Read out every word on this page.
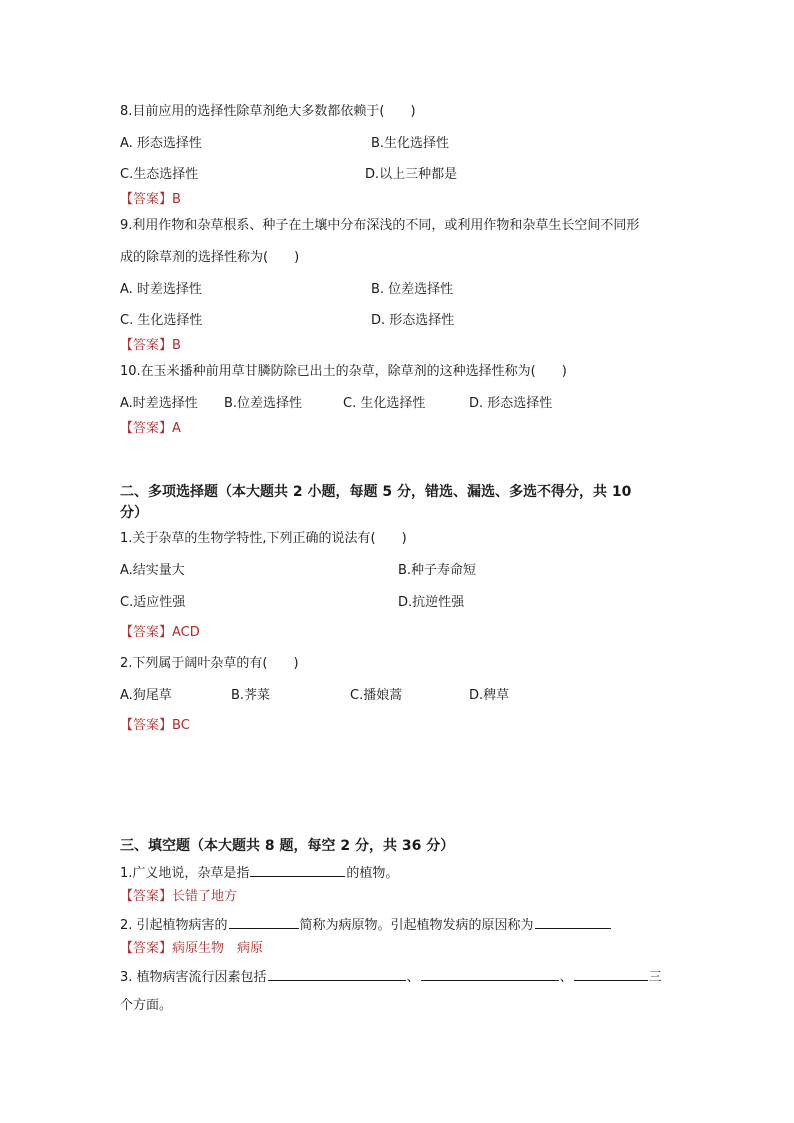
8.目前应用的选择性除草剂绝大多数都依赖于(　　)
A. 形态选择性	B.生化选择性
C.生态选择性	D.以上三种都是
【答案】B
9.利用作物和杂草根系、种子在土壤中分布深浅的不同，或利用作物和杂草生长空间不同形
成的除草剂的选择性称为(　　)
A. 时差选择性	B. 位差选择性
C. 生化选择性	D. 形态选择性
【答案】B
10.在玉米播种前用草甘膦防除已出土的杂草，除草剂的这种选择性称为(　　)
A.时差选择性 B.位差选择性	C. 生化选择性	D. 形态选择性
【答案】A
二、多项选择题（本大题共 2 小题，每题 5 分，错选、漏选、多选不得分，共 10
分）
1.关于杂草的生物学特性,下列正确的说法有(　　)
A.结实量大	B.种子寿命短
C.适应性强	D.抗逆性强
【答案】ACD
2.下列属于阔叶杂草的有(　　)
A.狗尾草	B.荠菜	C.播娘蒿	D.稗草
【答案】BC
三、填空题（本大题共 8 题，每空 2 分，共 36 分）
1.广义地说，杂草是指	的植物。
【答案】长错了地方
2. 引起植物病害的	简称为病原物。引起植物发病的原因称为
【答案】病原生物　病原
3. 植物病害流行因素包括	、	、	三
个方面。
